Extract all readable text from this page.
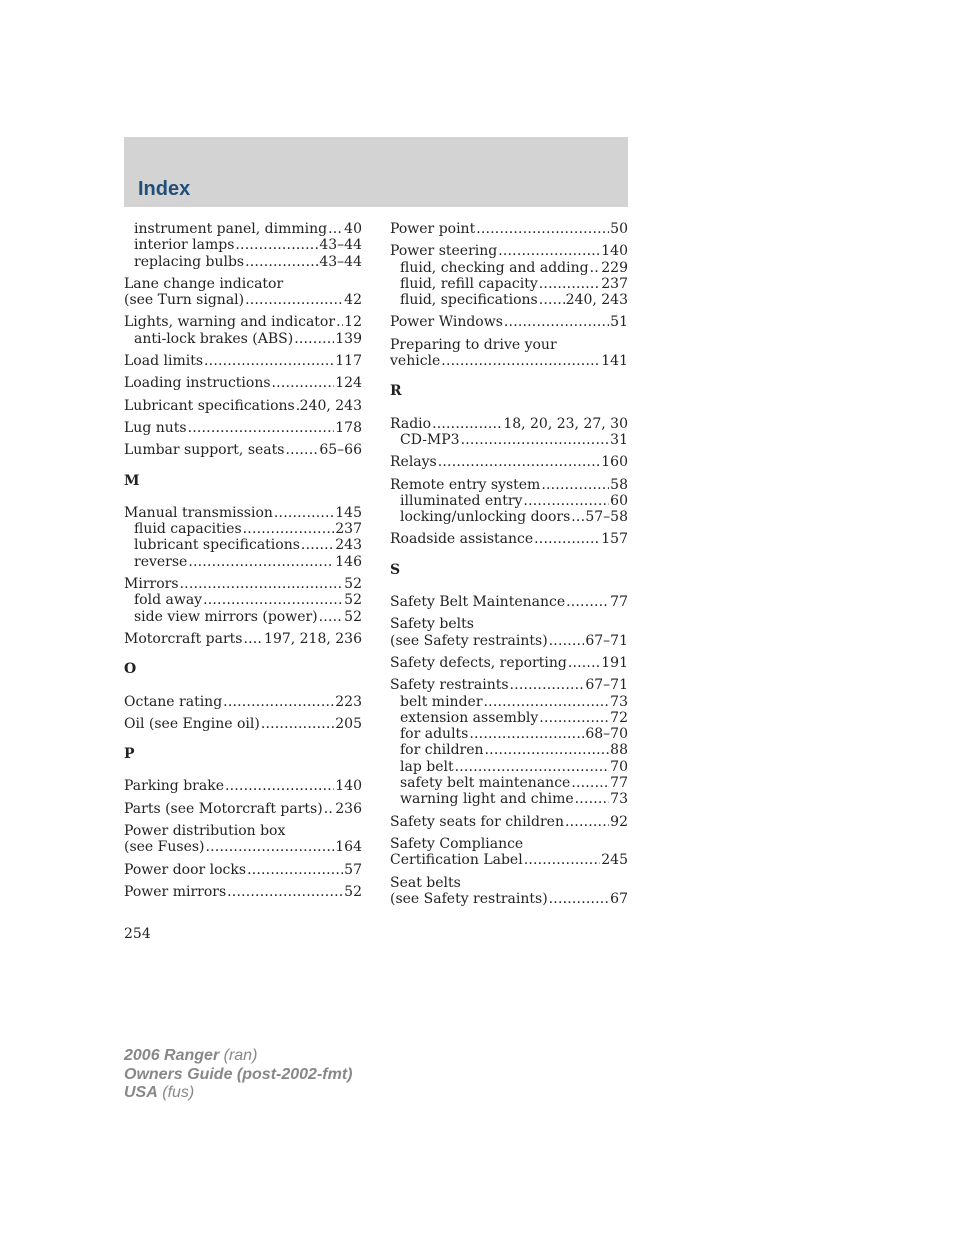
Index
instrument panel, dimming ..... 40
interior lamps .....	43–44
replacing bulbs .....	43–44
Lane change indicator
(see Turn signal) .....	42
Lights, warning and indicator ..... 12
anti-lock brakes (ABS) .....	139
Load limits .....	117
Loading instructions .....	124
Lubricant specifications ..... 240, 243
Lug nuts .....	178
Lumbar support, seats ..... 65–66
M
Manual transmission .....	145
fluid capacities .....	237
lubricant specifications .....	243
reverse .....	146
Mirrors .....	52
fold away .....	52
side view mirrors (power) ..... 52
Motorcraft parts ..... 197, 218, 236
O
Octane rating .....	223
Oil (see Engine oil) .....	205
P
Parking brake .....	140
Parts (see Motorcraft parts) ..... 236
Power distribution box
(see Fuses) .....	164
Power door locks .....	57
Power mirrors .....	52
Power point .....	50
Power steering .....	140
fluid, checking and adding ..... 229
fluid, refill capacity .....	237
fluid, specifications ..... 240, 243
Power Windows .....	51
Preparing to drive your
vehicle .....	141
R
Radio .....	18, 20, 23, 27, 30
CD-MP3 .....	31
Relays .....	160
Remote entry system .....	58
illuminated entry .....	60
locking/unlocking doors ..... 57–58
Roadside assistance .....	157
S
Safety Belt Maintenance .....	77
Safety belts
(see Safety restraints) .....	67–71
Safety defects, reporting ..... 191
Safety restraints .....	67–71
belt minder .....	73
extension assembly .....	72
for adults .....	68–70
for children .....	88
lap belt .....	70
safety belt maintenance .....	77
warning light and chime .....	73
Safety seats for children .....	92
Safety Compliance
Certification Label .....	245
Seat belts
(see Safety restraints) .....	67
254
2006 Ranger (ran)
Owners Guide (post-2002-fmt)
USA (fus)
